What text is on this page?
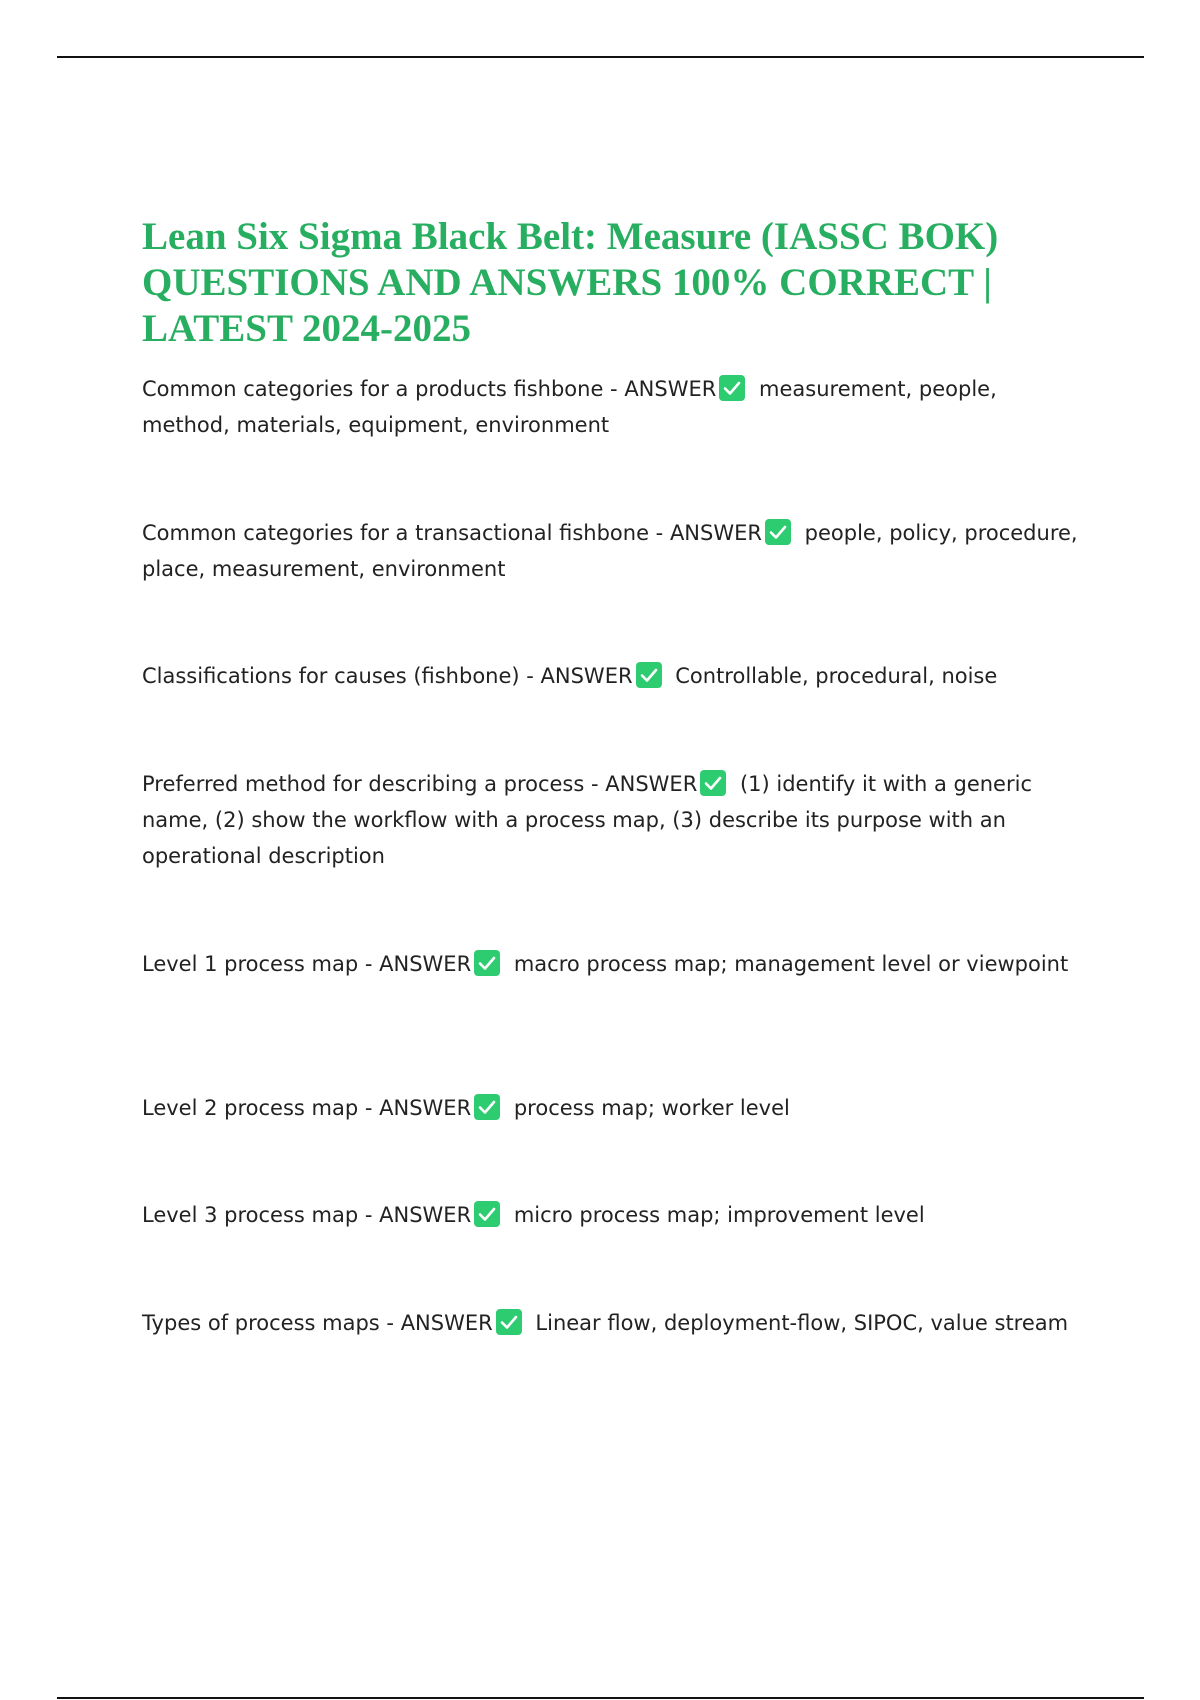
Lean Six Sigma Black Belt: Measure (IASSC BOK)
QUESTIONS AND ANSWERS 100% CORRECT |
LATEST 2024-2025

Common categories for a products fishbone - ANSWER measurement, people, method, materials, equipment, environment

Common categories for a transactional fishbone - ANSWER people, policy, procedure, place, measurement, environment

Classifications for causes (fishbone) - ANSWER Controllable, procedural, noise

Preferred method for describing a process - ANSWER (1) identify it with a generic name, (2) show the workflow with a process map, (3) describe its purpose with an operational description

Level 1 process map - ANSWER macro process map; management level or viewpoint

Level 2 process map - ANSWER process map; worker level

Level 3 process map - ANSWER micro process map; improvement level

Types of process maps - ANSWER Linear flow, deployment-flow, SIPOC, value stream
